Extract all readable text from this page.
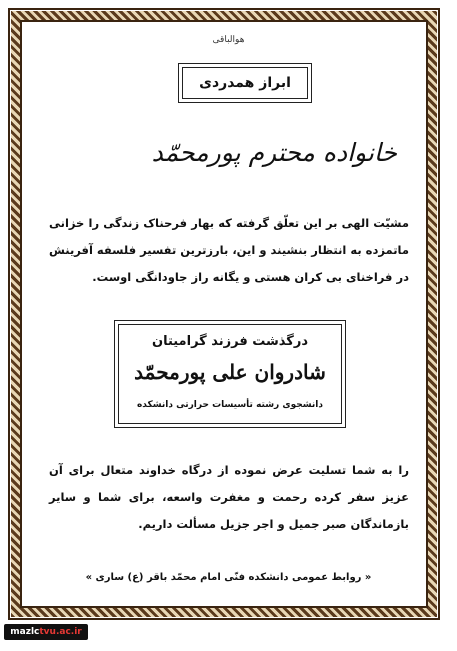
هوالباقی
ابراز همدردی
خانواده محترم پورمحمّد
مشیّت الهی بر این تعلّق گرفته که بهار فرحناک زندگی را خزانی ماتمزده به انتظار بنشیند و این، بارزترین تفسیر فلسفه آفرینش در فراخنای بی کران هستی و یگانه راز جاودانگی اوست.
درگذشت فرزند گرامیتان
شادروان علی پورمحمّد
دانشجوی رشته تأسیسات حرارتی دانشکده
را به شما تسلیت عرض نموده از درگاه خداوند متعال برای آن عزیز سفر کرده رحمت و مغفرت واسعه، برای شما و سایر بازماندگان صبر جمیل و اجر جزیل مسألت داریم.
« روابط عمومی دانشکده فنّی امام محمّد باقر (ع) ساری »
mazlc tvu.ac.ir
